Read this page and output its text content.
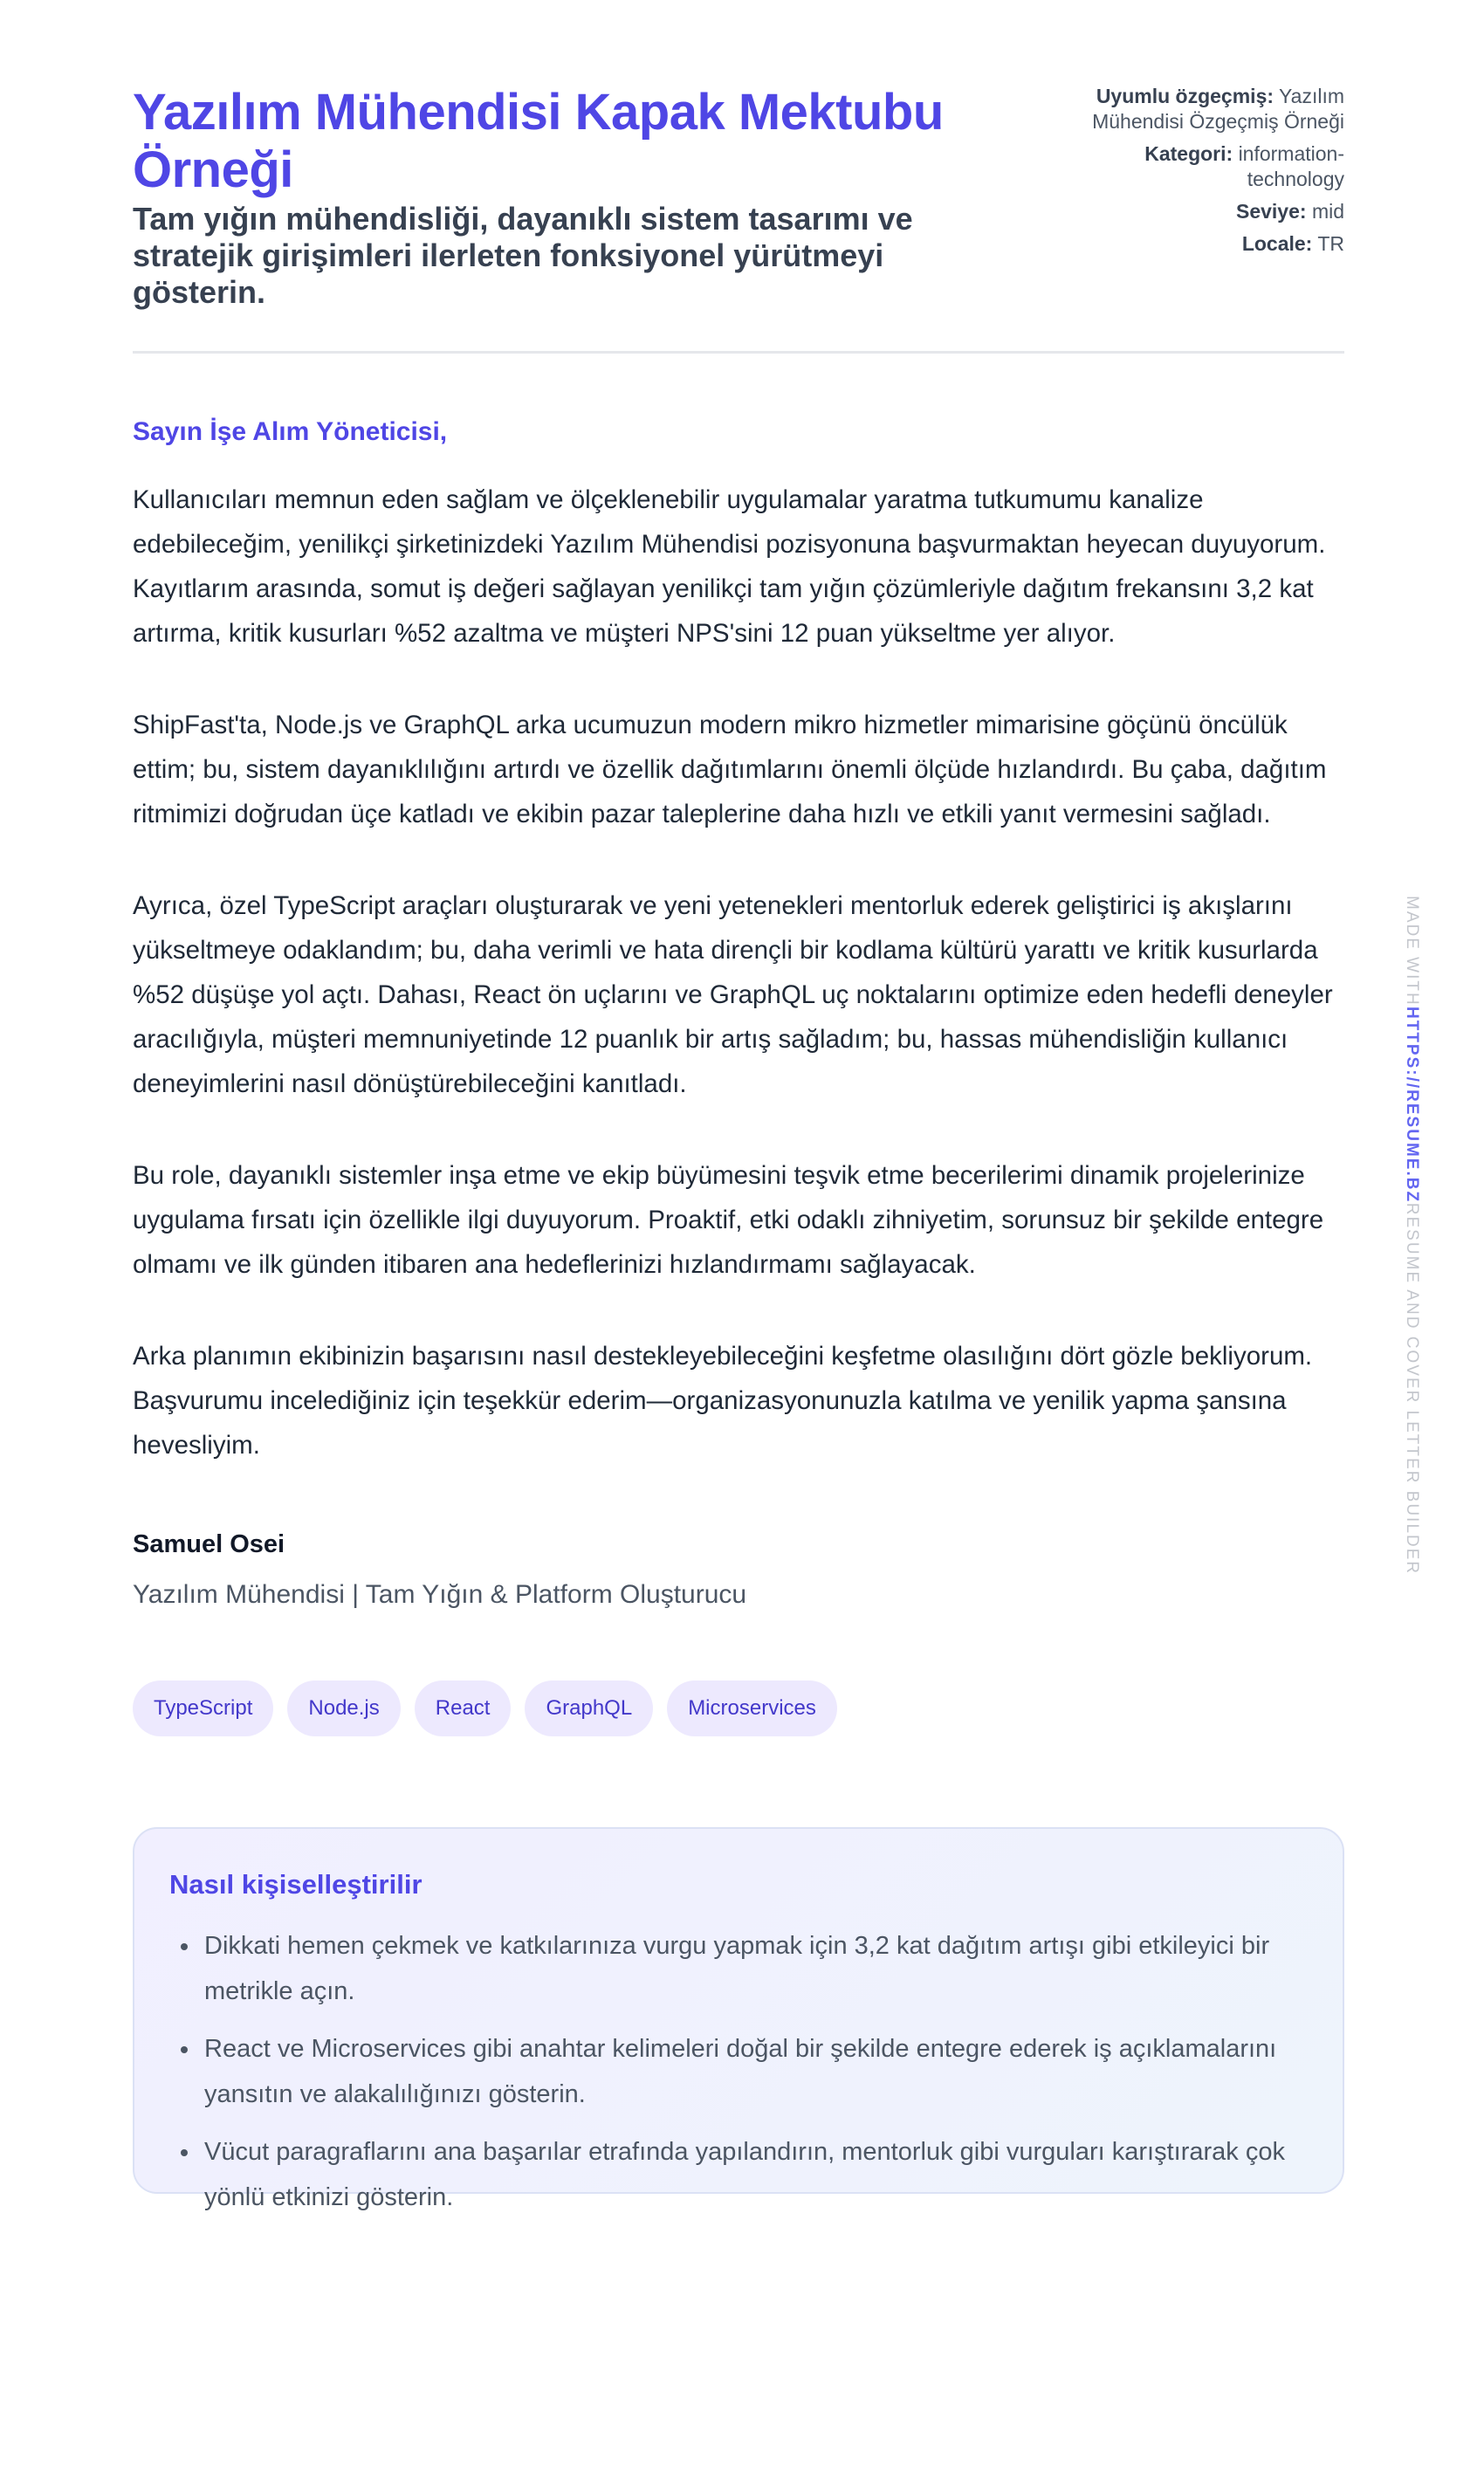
Yazılım Mühendisi Kapak Mektubu Örneği

Tam yığın mühendisliği, dayanıklı sistem tasarımı ve stratejik girişimleri ilerleten fonksiyonel yürütmeyi gösterin.

Uyumlu özgeçmiş: Yazılım Mühendisi Özgeçmiş Örneği
Kategori: information-technology
Seviye: mid
Locale: TR
Sayın İşe Alım Yöneticisi,

Kullanıcıları memnun eden sağlam ve ölçeklenebilir uygulamalar yaratma tutkumumu kanalize edebileceğim, yenilikçi şirketinizdeki Yazılım Mühendisi pozisyonuna başvurmaktan heyecan duyuyorum. Kayıtlarım arasında, somut iş değeri sağlayan yenilikçi tam yığın çözümleriyle dağıtım frekansını 3,2 kat artırma, kritik kusurları %52 azaltma ve müşteri NPS'sini 12 puan yükseltme yer alıyor.

ShipFast'ta, Node.js ve GraphQL arka ucumuzun modern mikro hizmetler mimarisine göçünü öncülük ettim; bu, sistem dayanıklılığını artırdı ve özellik dağıtımlarını önemli ölçüde hızlandırdı. Bu çaba, dağıtım ritmimizi doğrudan üçe katladı ve ekibin pazar taleplerine daha hızlı ve etkili yanıt vermesini sağladı.

Ayrıca, özel TypeScript araçları oluşturarak ve yeni yetenekleri mentorluk ederek geliştirici iş akışlarını yükseltmeye odaklandım; bu, daha verimli ve hata dirençli bir kodlama kültürü yarattı ve kritik kusurlarda %52 düşüşe yol açtı. Dahası, React ön uçlarını ve GraphQL uç noktalarını optimize eden hedefli deneyler aracılığıyla, müşteri memnuniyetinde 12 puanlık bir artış sağladım; bu, hassas mühendisliğin kullanıcı deneyimlerini nasıl dönüştürebileceğini kanıtladı.

Bu role, dayanıklı sistemler inşa etme ve ekip büyümesini teşvik etme becerilerimi dinamik projelerinize uygulama fırsatı için özellikle ilgi duyuyorum. Proaktif, etki odaklı zihniyetim, sorunsuz bir şekilde entegre olmamı ve ilk günden itibaren ana hedeflerinizi hızlandırmamı sağlayacak.

Arka planımın ekibinizin başarısını nasıl destekleyebileceğini keşfetme olasılığını dört gözle bekliyorum. Başvurumu incelediğiniz için teşekkür ederim—organizasyonunuzla katılma ve yenilik yapma şansına hevesliyim.

Samuel Osei
Yazılım Mühendisi | Tam Yığın & Platform Oluşturucu
TypeScript	Node.js	React	GraphQL	Microservices
Nasıl kişiselleştirilir
• Dikkati hemen çekmek ve katkılarınıza vurgu yapmak için 3,2 kat dağıtım artışı gibi etkileyici bir metrikle açın.
• React ve Microservices gibi anahtar kelimeleri doğal bir şekilde entegre ederek iş açıklamalarını yansıtın ve alakalılığınızı gösterin.
• Vücut paragraflarını ana başarılar etrafında yapılandırın, mentorluk gibi vurguları karıştırarak çok yönlü etkinizi gösterin.
MADE WITHHTTPS://RESUME.BZRESUME AND COVER LETTER BUILDER
